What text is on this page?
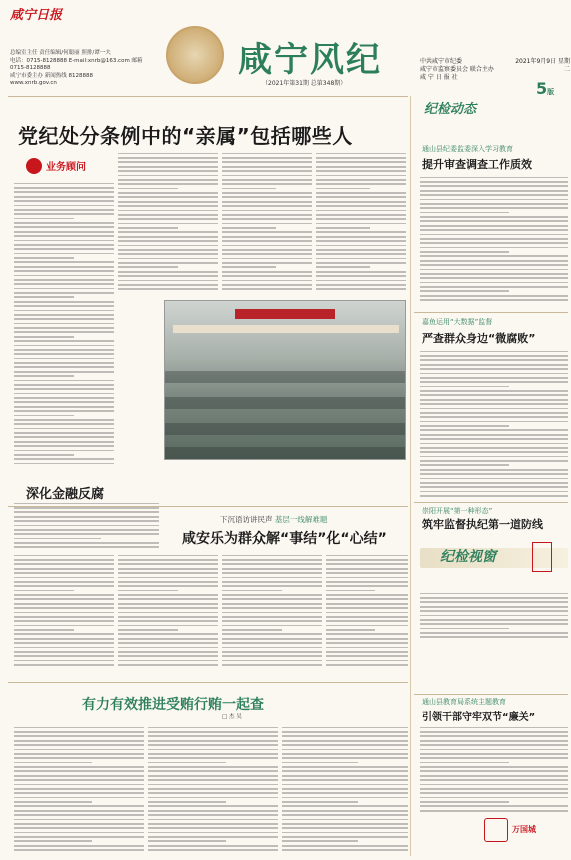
咸宁日报
总编室主任 责任编辑/何聪丽 照排/谭一夫
电话：0715-8128888 E-mail:xnrb@163.com 邮箱 0715-8128888
咸宁市委主办 新闻热线 8128888
www.xnrb.gov.cn
咸宁风纪
（2021年第31期 总第348期）
中共咸宁市纪委
咸宁市监察委员会 联合主办
咸 宁 日 报 社
2021年9月9日 星期二
5版
党纪处分条例中的“亲属”包括哪些人
业务顾问
深化金融反腐
下沉语访讲民声 基层一线解难题
咸安乐为群众解“事结”化“心结”
纪检视窗
有力有效推进受贿行贿一起查
□ 杰 吴
纪检动态
通山县纪委监委深入学习教育
提升审查调查工作质效
嘉鱼运用“大数据”监督
严查群众身边“微腐败”
崇阳开展“第一种形态”
筑牢监督执纪第一道防线
通山县教育局系统主题教育
引领干部守牢双节“廉关”
万国城
